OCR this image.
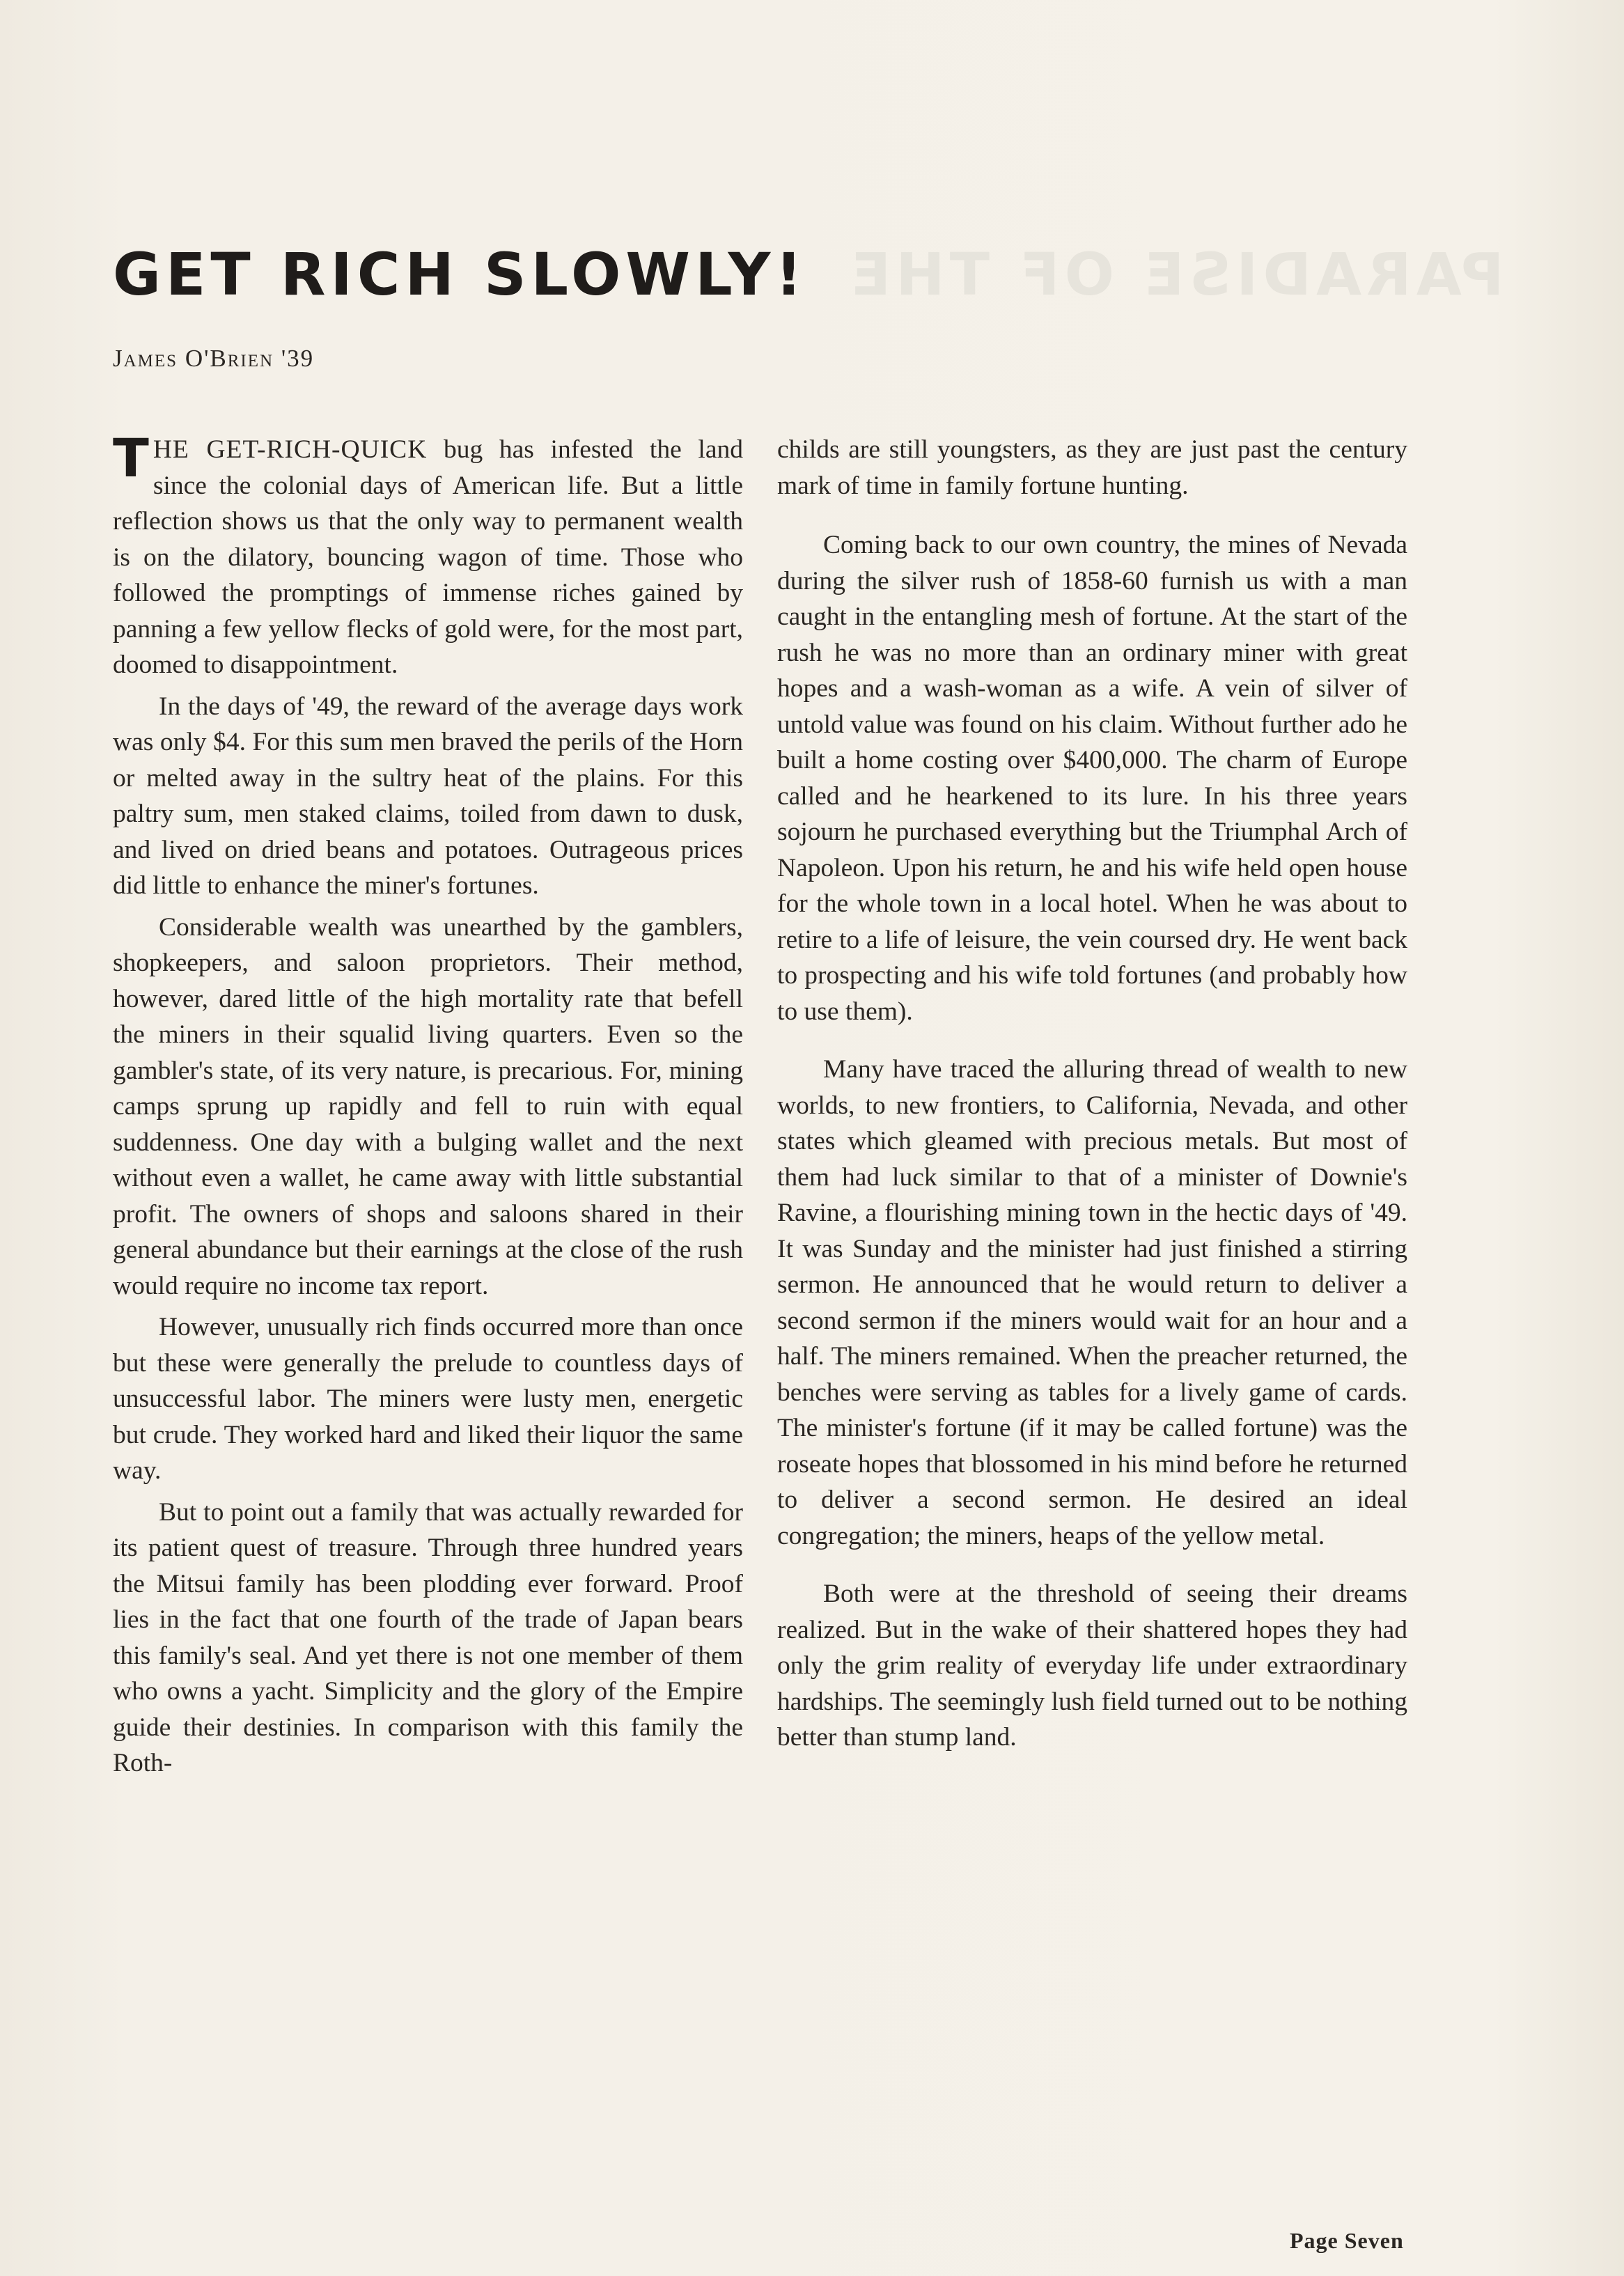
PARADISE OF THE
GET RICH SLOWLY!
James O'Brien '39

THE GET-RICH-QUICK bug has infested the land since the colonial days of American life. But a little reflection shows us that the only way to permanent wealth is on the dilatory, bouncing wagon of time. Those who followed the promptings of immense riches gained by panning a few yellow flecks of gold were, for the most part, doomed to disappointment.

In the days of '49, the reward of the average days work was only $4. For this sum men braved the perils of the Horn or melted away in the sultry heat of the plains. For this paltry sum, men staked claims, toiled from dawn to dusk, and lived on dried beans and potatoes. Outrageous prices did little to enhance the miner's fortunes.

Considerable wealth was unearthed by the gamblers, shopkeepers, and saloon proprietors. Their method, however, dared little of the high mortality rate that befell the miners in their squalid living quarters. Even so the gambler's state, of its very nature, is precarious. For, mining camps sprung up rapidly and fell to ruin with equal suddenness. One day with a bulging wallet and the next without even a wallet, he came away with little substantial profit. The owners of shops and saloons shared in their general abundance but their earnings at the close of the rush would require no income tax report.

However, unusually rich finds occurred more than once but these were generally the prelude to countless days of unsuccessful labor. The miners were lusty men, energetic but crude. They worked hard and liked their liquor the same way.

But to point out a family that was actually rewarded for its patient quest of treasure. Through three hundred years the Mitsui family has been plodding ever forward. Proof lies in the fact that one fourth of the trade of Japan bears this family's seal. And yet there is not one member of them who owns a yacht. Simplicity and the glory of the Empire guide their destinies. In comparison with this family the Roth-

childs are still youngsters, as they are just past the century mark of time in family fortune hunting.

Coming back to our own country, the mines of Nevada during the silver rush of 1858-60 furnish us with a man caught in the entangling mesh of fortune. At the start of the rush he was no more than an ordinary miner with great hopes and a wash-woman as a wife. A vein of silver of untold value was found on his claim. Without further ado he built a home costing over $400,000. The charm of Europe called and he hearkened to its lure. In his three years sojourn he purchased everything but the Triumphal Arch of Napoleon. Upon his return, he and his wife held open house for the whole town in a local hotel. When he was about to retire to a life of leisure, the vein coursed dry. He went back to prospecting and his wife told fortunes (and probably how to use them).

Many have traced the alluring thread of wealth to new worlds, to new frontiers, to California, Nevada, and other states which gleamed with precious metals. But most of them had luck similar to that of a minister of Downie's Ravine, a flourishing mining town in the hectic days of '49. It was Sunday and the minister had just finished a stirring sermon. He announced that he would return to deliver a second sermon if the miners would wait for an hour and a half. The miners remained. When the preacher returned, the benches were serving as tables for a lively game of cards. The minister's fortune (if it may be called fortune) was the roseate hopes that blossomed in his mind before he returned to deliver a second sermon. He desired an ideal congregation; the miners, heaps of the yellow metal.

Both were at the threshold of seeing their dreams realized. But in the wake of their shattered hopes they had only the grim reality of everyday life under extraordinary hardships. The seemingly lush field turned out to be nothing better than stump land.

Page Seven
